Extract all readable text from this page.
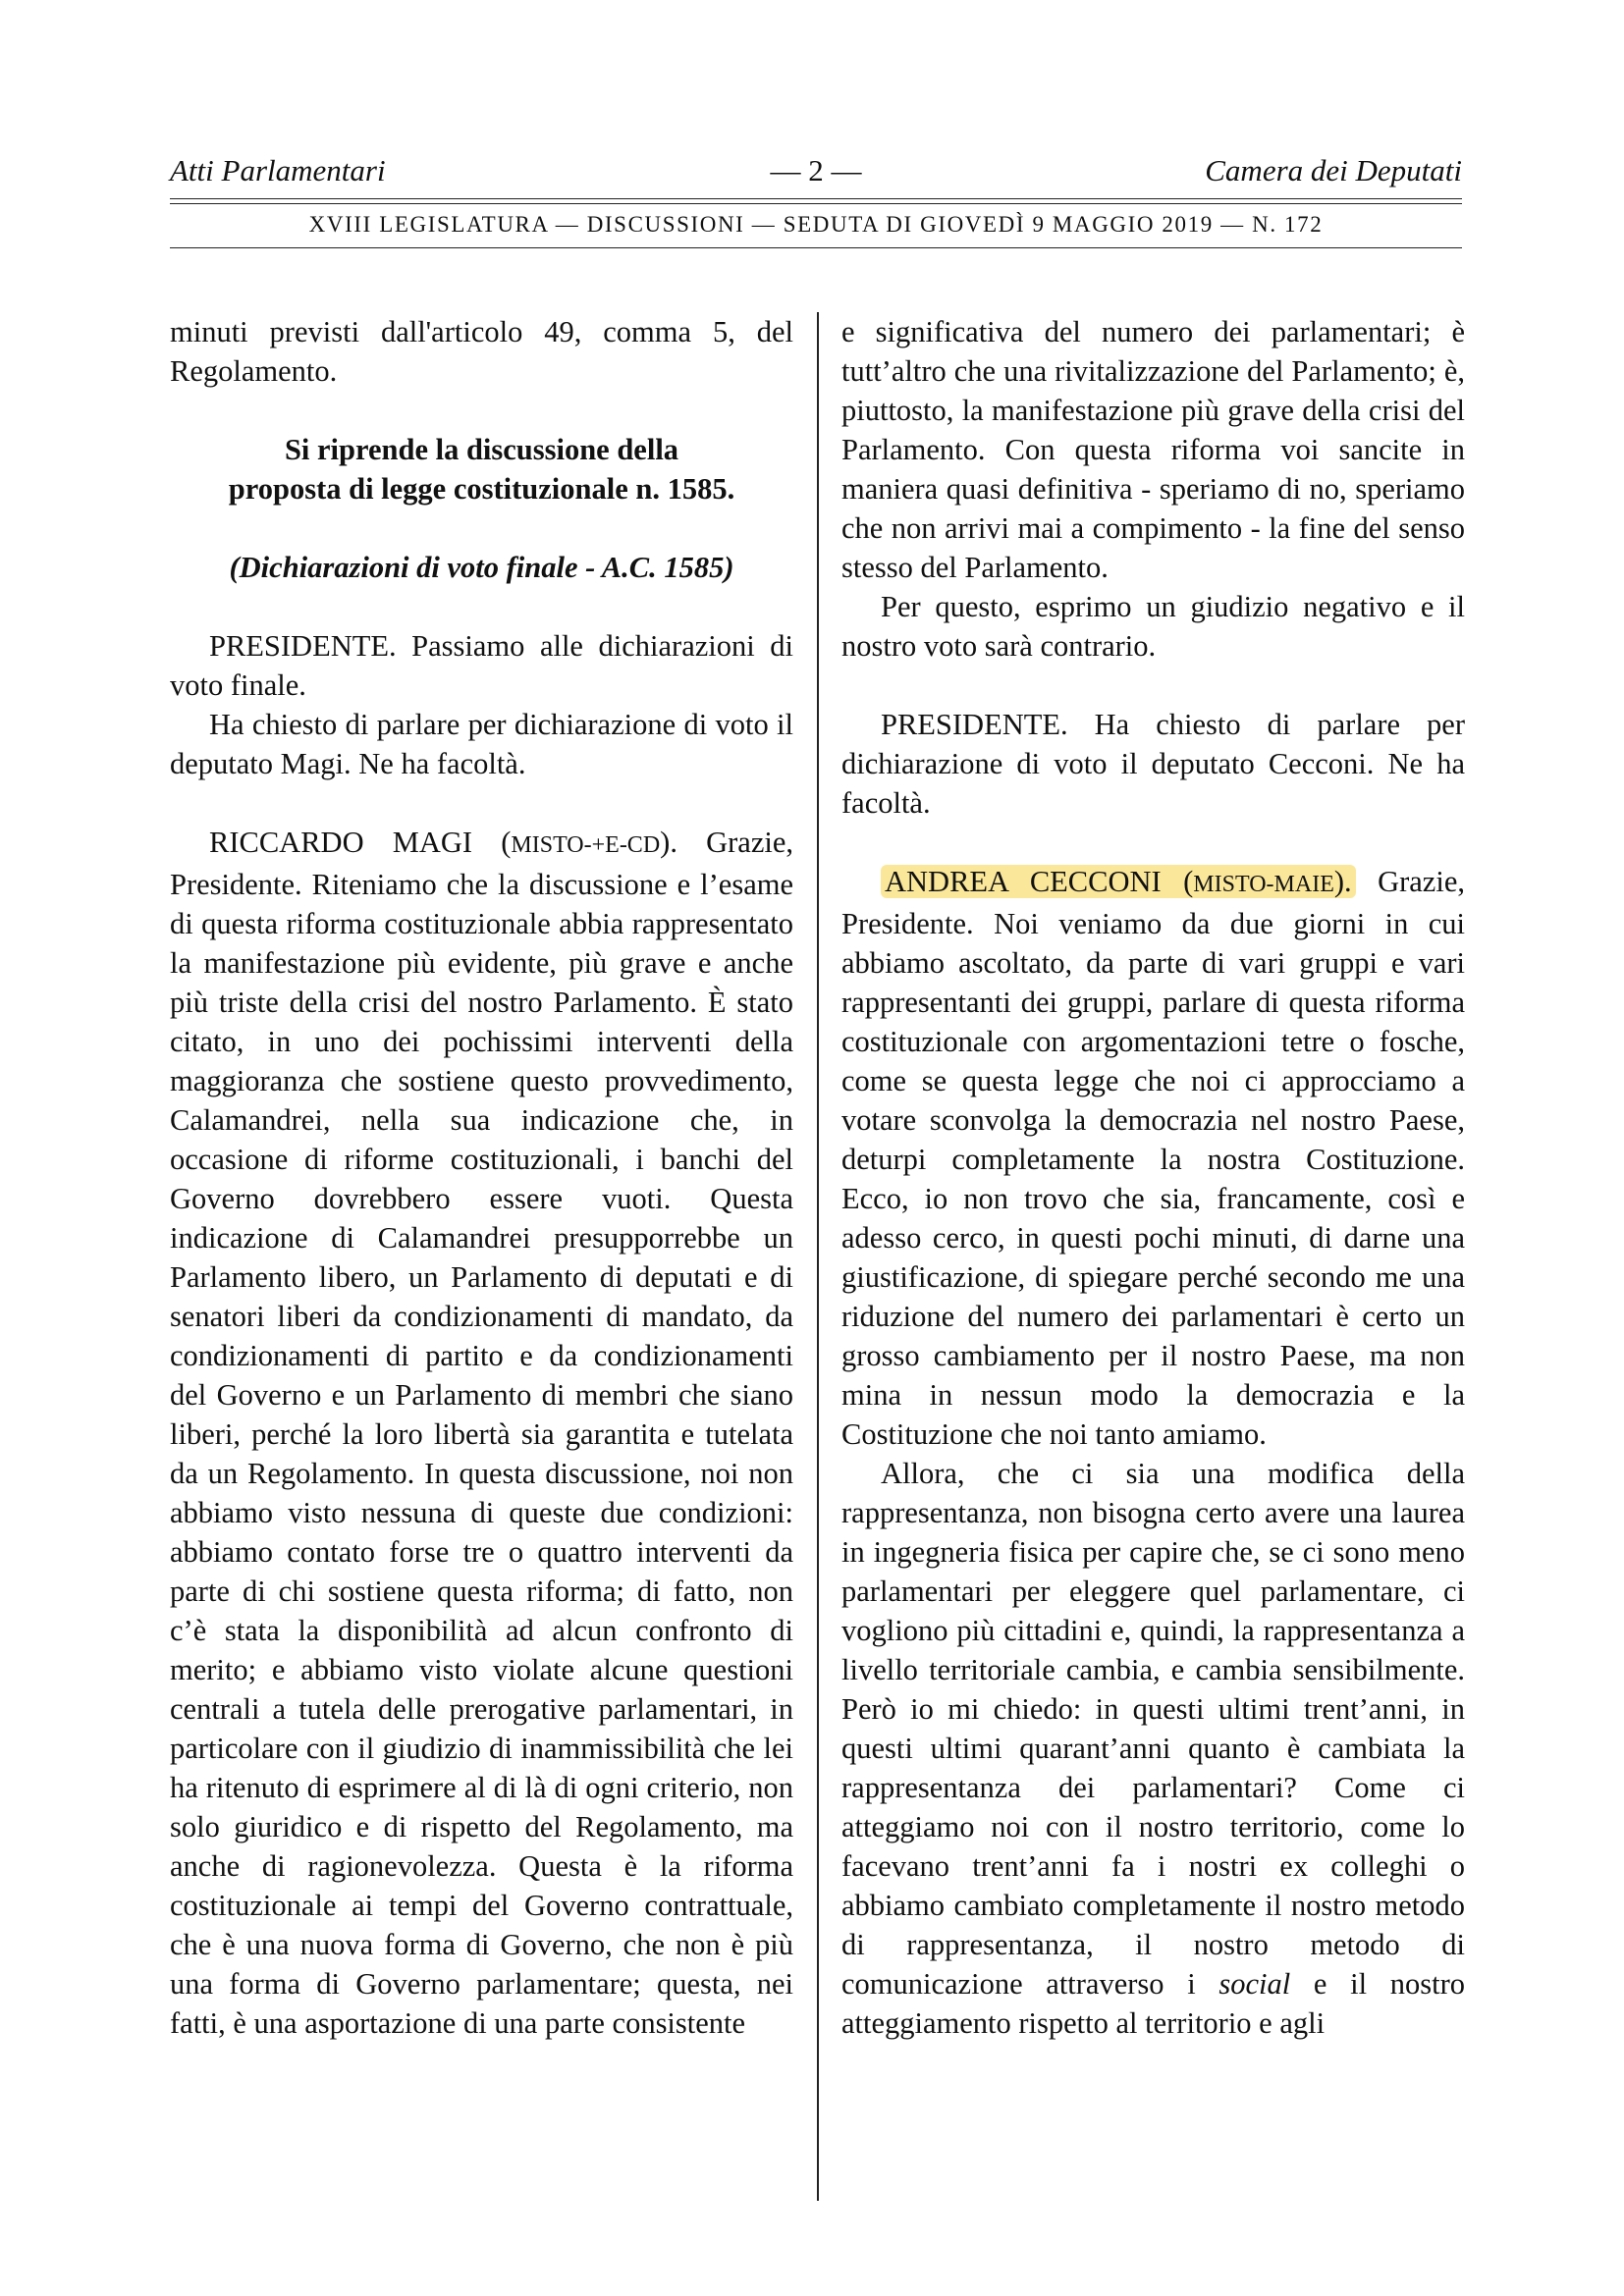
— 2 —
Atti Parlamentari	Camera dei Deputati
XVIII LEGISLATURA — DISCUSSIONI — SEDUTA DI GIOVEDÌ 9 MAGGIO 2019 — N. 172

minuti previsti dall'articolo 49, comma 5, del Regolamento.

Si riprende la discussione della
proposta di legge costituzionale n. 1585.

(Dichiarazioni di voto finale - A.C. 1585)

PRESIDENTE. Passiamo alle dichiarazioni di voto finale.

Ha chiesto di parlare per dichiarazione di voto il deputato Magi. Ne ha facoltà.

RICCARDO MAGI (MISTO-+E-CD). Grazie, Presidente. Riteniamo che la discussione e l’esame di questa riforma costituzionale abbia rappresentato la manifestazione più evidente, più grave e anche più triste della crisi del nostro Parlamento. È stato citato, in uno dei pochissimi interventi della maggioranza che sostiene questo provvedimento, Calamandrei, nella sua indicazione che, in occasione di riforme costituzionali, i banchi del Governo dovrebbero essere vuoti. Questa indicazione di Calamandrei presupporrebbe un Parlamento libero, un Parlamento di deputati e di senatori liberi da condizionamenti di mandato, da condizionamenti di partito e da condizionamenti del Governo e un Parlamento di membri che siano liberi, perché la loro libertà sia garantita e tutelata da un Regolamento. In questa discussione, noi non abbiamo visto nessuna di queste due condizioni: abbiamo contato forse tre o quattro interventi da parte di chi sostiene questa riforma; di fatto, non c’è stata la disponibilità ad alcun confronto di merito; e abbiamo visto violate alcune questioni centrali a tutela delle prerogative parlamentari, in particolare con il giudizio di inammissibilità che lei ha ritenuto di esprimere al di là di ogni criterio, non solo giuridico e di rispetto del Regolamento, ma anche di ragionevolezza. Questa è la riforma costituzionale ai tempi del Governo contrattuale, che è una nuova forma di Governo, che non è più una forma di Governo parlamentare; questa, nei fatti, è una asportazione di una parte consistente

e significativa del numero dei parlamentari; è tutt’altro che una rivitalizzazione del Parlamento; è, piuttosto, la manifestazione più grave della crisi del Parlamento. Con questa riforma voi sancite in maniera quasi definitiva - speriamo di no, speriamo che non arrivi mai a compimento - la fine del senso stesso del Parlamento.

Per questo, esprimo un giudizio negativo e il nostro voto sarà contrario.

PRESIDENTE. Ha chiesto di parlare per dichiarazione di voto il deputato Cecconi. Ne ha facoltà.

ANDREA CECCONI (MISTO-MAIE). Grazie, Presidente. Noi veniamo da due giorni in cui abbiamo ascoltato, da parte di vari gruppi e vari rappresentanti dei gruppi, parlare di questa riforma costituzionale con argomentazioni tetre o fosche, come se questa legge che noi ci approcciamo a votare sconvolga la democrazia nel nostro Paese, deturpi completamente la nostra Costituzione. Ecco, io non trovo che sia, francamente, così e adesso cerco, in questi pochi minuti, di darne una giustificazione, di spiegare perché secondo me una riduzione del numero dei parlamentari è certo un grosso cambiamento per il nostro Paese, ma non mina in nessun modo la democrazia e la Costituzione che noi tanto amiamo.

Allora, che ci sia una modifica della rappresentanza, non bisogna certo avere una laurea in ingegneria fisica per capire che, se ci sono meno parlamentari per eleggere quel parlamentare, ci vogliono più cittadini e, quindi, la rappresentanza a livello territoriale cambia, e cambia sensibilmente. Però io mi chiedo: in questi ultimi trent’anni, in questi ultimi quarant’anni quanto è cambiata la rappresentanza dei parlamentari? Come ci atteggiamo noi con il nostro territorio, come lo facevano trent’anni fa i nostri ex colleghi o abbiamo cambiato completamente il nostro metodo di rappresentanza, il nostro metodo di comunicazione attraverso i social e il nostro atteggiamento rispetto al territorio e agli
